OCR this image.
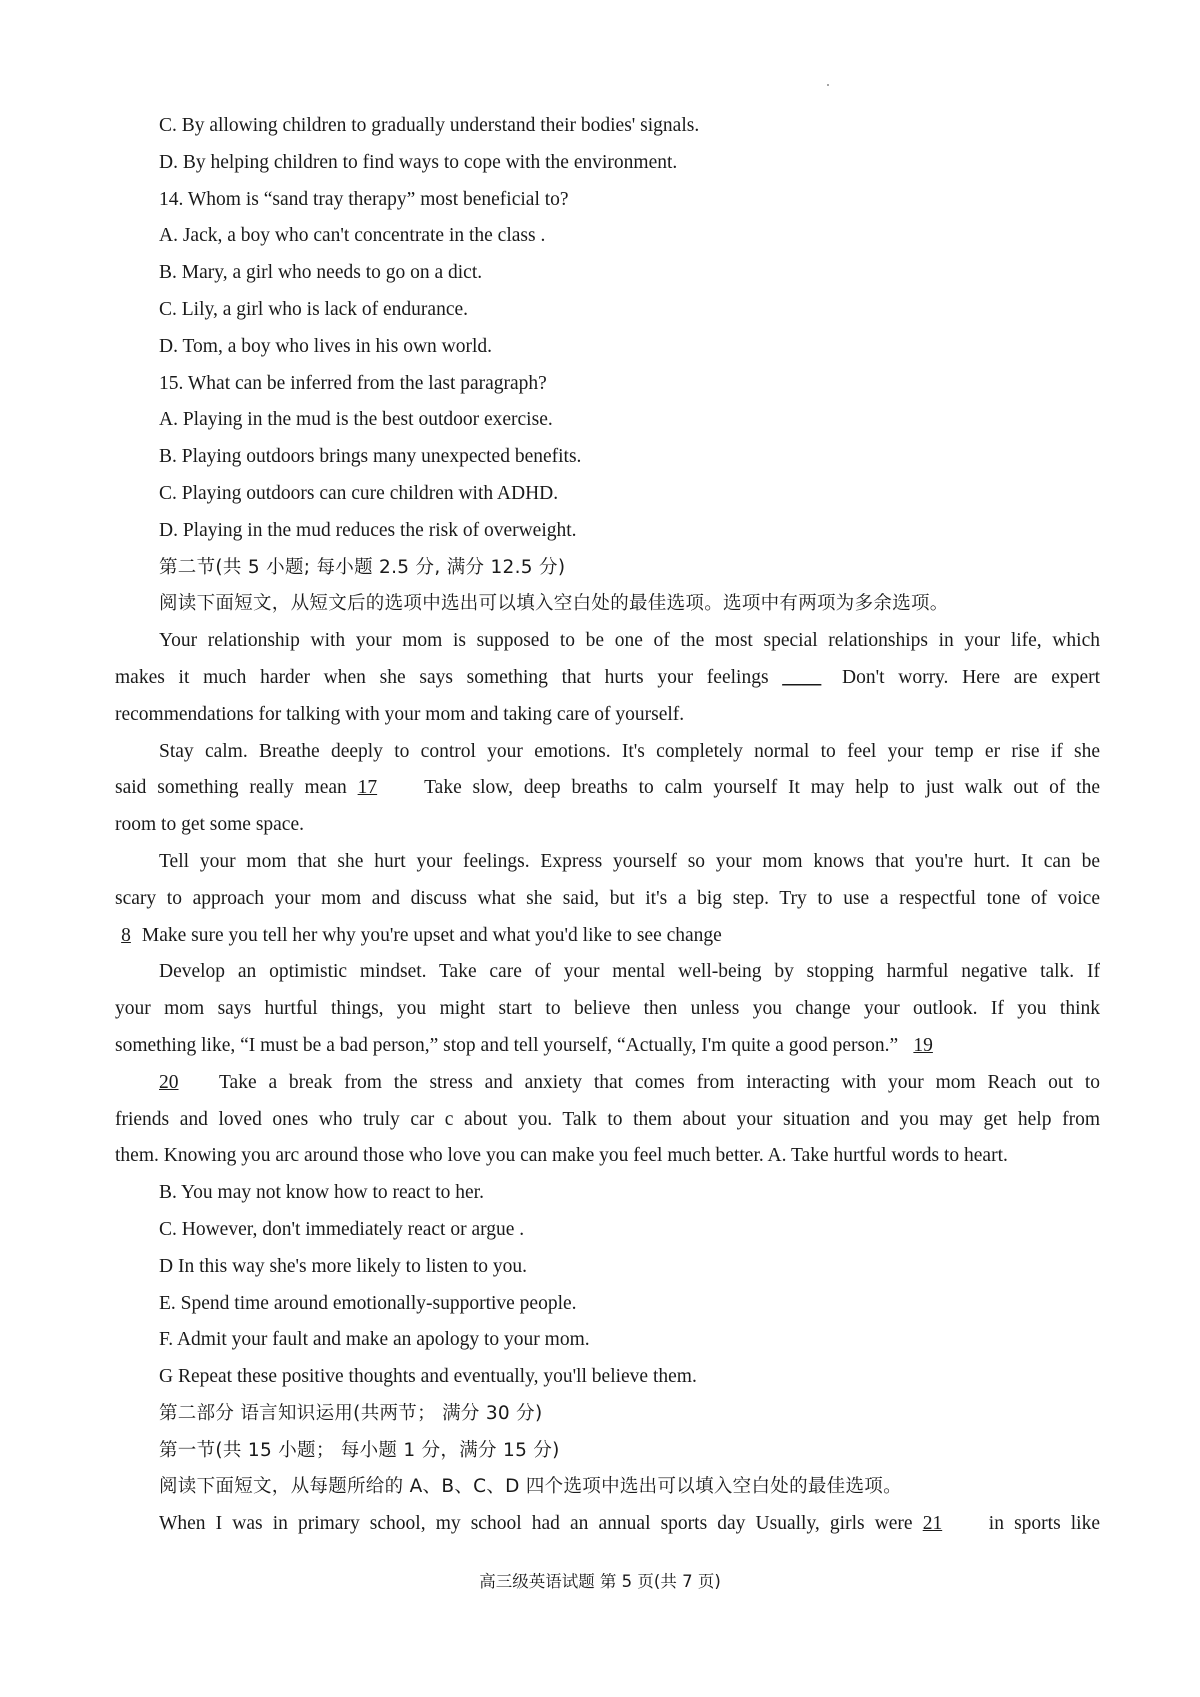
C. By allowing children to gradually understand their bodies' signals.
D. By helping children to find ways to cope with the environment.
14. Whom is “sand tray therapy” most beneficial to?
A. Jack, a boy who can't concentrate in the class .
B. Mary, a girl who needs to go on a dict.
C. Lily, a girl who is lack of endurance.
D. Tom, a boy who lives in his own world.
15. What can be inferred from the last paragraph?
A. Playing in the mud is the best outdoor exercise.
B. Playing outdoors brings many unexpected benefits.
C. Playing outdoors can cure children with ADHD.
D. Playing in the mud reduces the risk of overweight.
第二节(共 5 小题; 每小题 2.5 分, 满分 12.5 分)
阅读下面短文，从短文后的选项中选出可以填入空白处的最佳选项。选项中有两项为多余选项。
Your relationship with your mom is supposed to be one of the most special relationships in your life, which
makes it much harder when she says something that hurts your feelings ____ Don't worry. Here are expert
recommendations for talking with your mom and taking care of yourself.
Stay calm. Breathe deeply to control your emotions. It's completely normal to feel your temp er rise if she
said something really mean 17 Take slow, deep breaths to calm yourself It may help to just walk out of the
room to get some space.
Tell your mom that she hurt your feelings. Express yourself so your mom knows that you're hurt. It can be
scary to approach your mom and discuss what she said, but it's a big step. Try to use a respectful tone of voice
8 Make sure you tell her why you're upset and what you'd like to see change
Develop an optimistic mindset. Take care of your mental well-being by stopping harmful negative talk. If
your mom says hurtful things, you might start to believe then unless you change your outlook. If you think
something like, “I must be a bad person,” stop and tell yourself, “Actually, I'm quite a good person.” 19
20 Take a break from the stress and anxiety that comes from interacting with your mom Reach out to
friends and loved ones who truly car c about you. Talk to them about your situation and you may get help from
them. Knowing you arc around those who love you can make you feel much better. A. Take hurtful words to heart.
B. You may not know how to react to her.
C. However, don't immediately react or argue .
D In this way she's more likely to listen to you.
E. Spend time around emotionally-supportive people.
F. Admit your fault and make an apology to your mom.
G Repeat these positive thoughts and eventually, you'll believe them.
第二部分 语言知识运用(共两节； 满分 30 分)
第一节(共 15 小题； 每小题 1 分，满分 15 分)
阅读下面短文，从每题所给的 A、B、C、D 四个选项中选出可以填入空白处的最佳选项。
When I was in primary school, my school had an annual sports day Usually, girls were 21 in sports like
高三级英语试题 第 5 页(共 7 页)
